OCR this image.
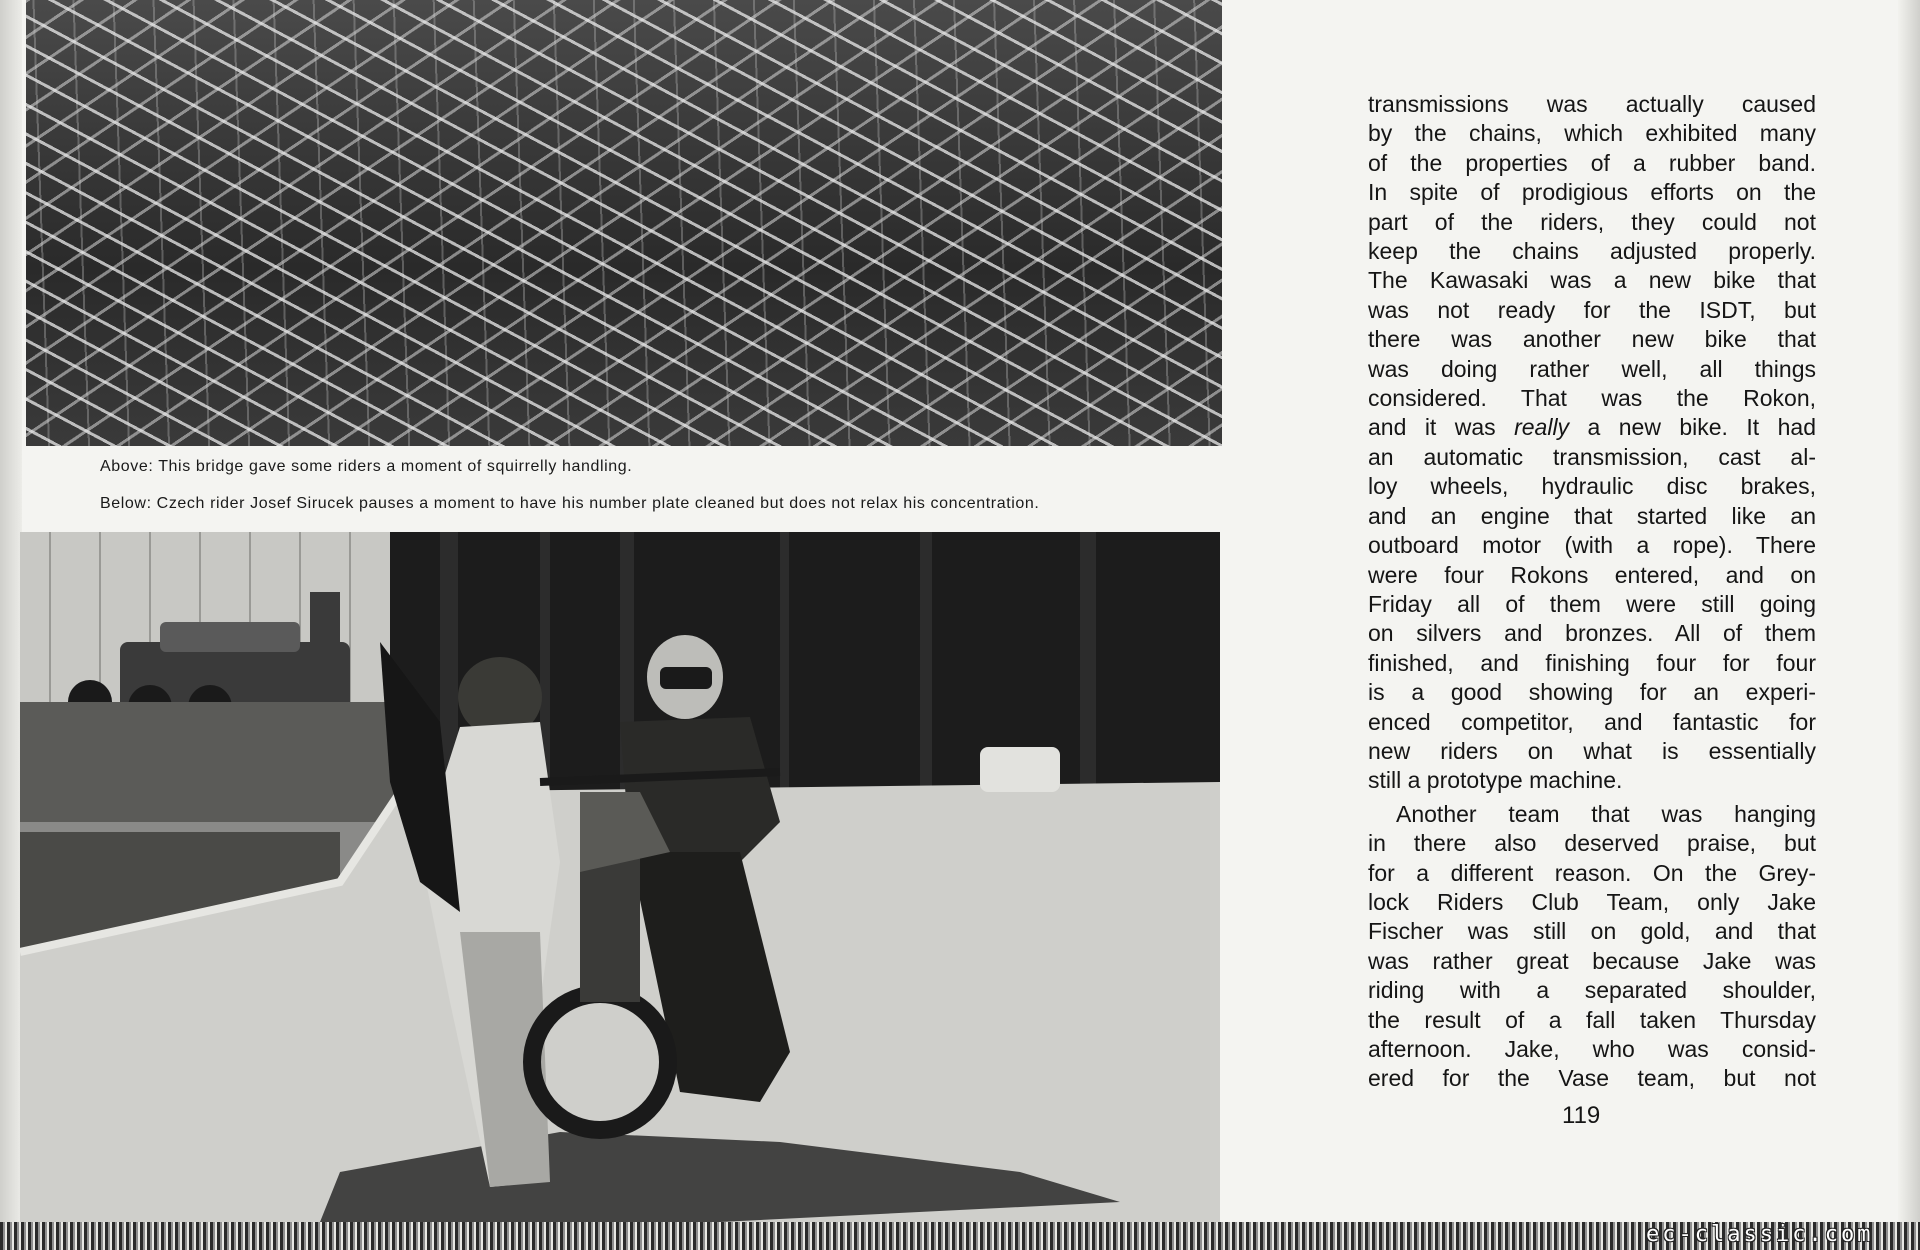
Above: This bridge gave some riders a moment of squirrelly handling.
Below: Czech rider Josef Sirucek pauses a moment to have his number plate cleaned but does not relax his concentration.

transmissions was actually caused

by the chains, which exhibited many

of the properties of a rubber band.

In spite of prodigious efforts on the

part of the riders, they could not

keep the chains adjusted properly.

The Kawasaki was a new bike that

was not ready for the ISDT, but

there was another new bike that

was doing rather well, all things

considered. That was the Rokon,

and it was really a new bike. It had

an automatic transmission, cast al-

loy wheels, hydraulic disc brakes,

and an engine that started like an

outboard motor (with a rope). There

were four Rokons entered, and on

Friday all of them were still going

on silvers and bronzes. All of them

finished, and finishing four for four

is a good showing for an experi-

enced competitor, and fantastic for

new riders on what is essentially

still a prototype machine.

Another team that was hanging

in there also deserved praise, but

for a different reason. On the Grey-

lock Riders Club Team, only Jake

Fischer was still on gold, and that

was rather great because Jake was

riding with a separated shoulder,

the result of a fall taken Thursday

afternoon. Jake, who was consid-

ered for the Vase team, but not

119
ec-classic.com
